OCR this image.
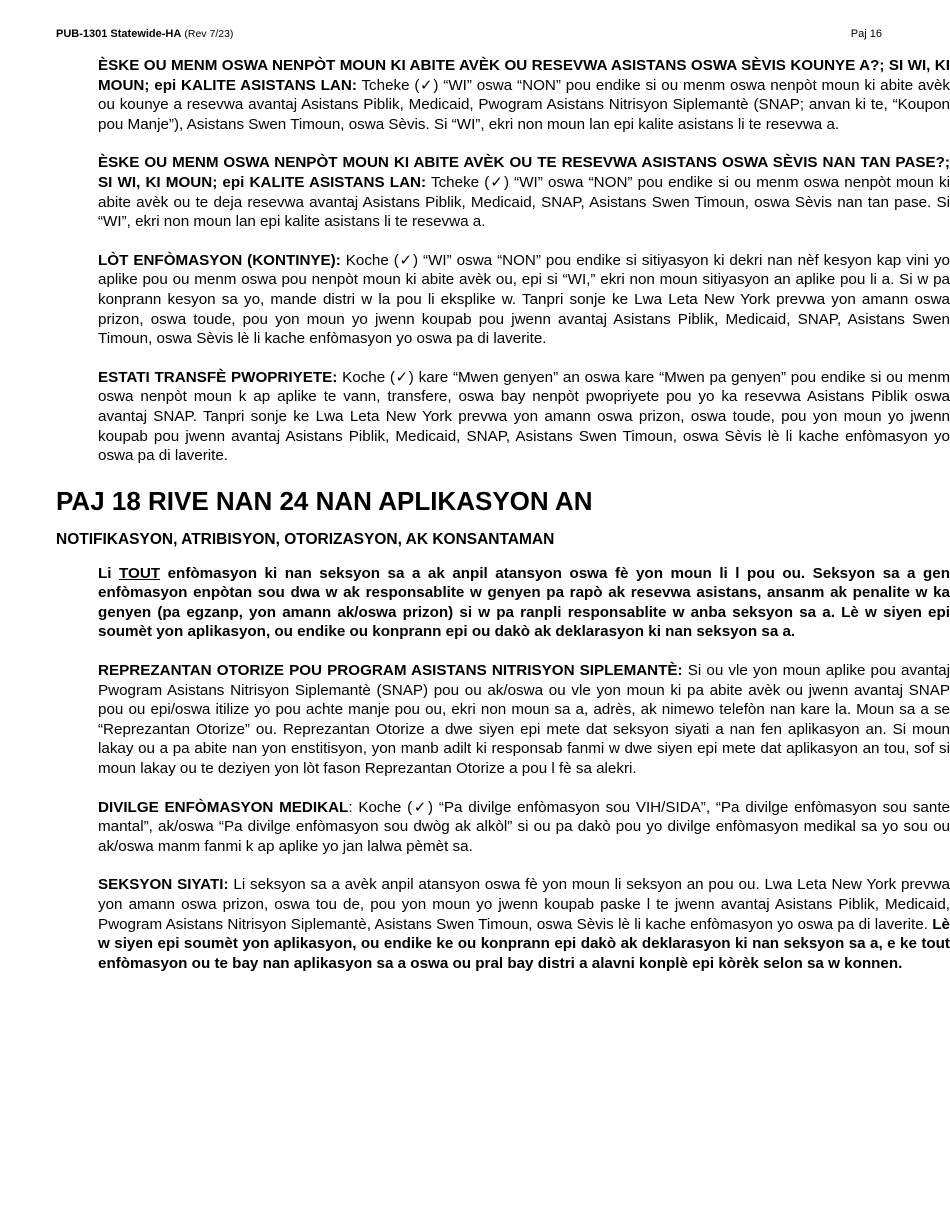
PUB-1301 Statewide-HA (Rev 7/23)	Paj 16

ÈSKE OU MENM OSWA NENPÒT MOUN KI ABITE AVÈK OU RESEVWA ASISTANS OSWA SÈVIS KOUNYE A?; SI WI, KI MOUN; epi KALITE ASISTANS LAN: Tcheke (✓) “WI” oswa “NON” pou endike si ou menm oswa nenpòt moun ki abite avèk ou kounye a resevwa avantaj Asistans Piblik, Medicaid, Pwogram Asistans Nitrisyon Siplemantè (SNAP; anvan ki te, “Koupon pou Manje”), Asistans Swen Timoun, oswa Sèvis. Si “WI”, ekri non moun lan epi kalite asistans li te resevwa a.

ÈSKE OU MENM OSWA NENPÒT MOUN KI ABITE AVÈK OU TE RESEVWA ASISTANS OSWA SÈVIS NAN TAN PASE?; SI WI, KI MOUN; epi KALITE ASISTANS LAN: Tcheke (✓) “WI” oswa “NON” pou endike si ou menm oswa nenpòt moun ki abite avèk ou te deja resevwa avantaj Asistans Piblik, Medicaid, SNAP, Asistans Swen Timoun, oswa Sèvis nan tan pase. Si “WI”, ekri non moun lan epi kalite asistans li te resevwa a.

LÒT ENFÒMASYON (KONTINYE): Koche (✓) “WI” oswa “NON” pou endike si sitiyasyon ki dekri nan nèf kesyon kap vini yo aplike pou ou menm oswa pou nenpòt moun ki abite avèk ou, epi si “WI,” ekri non moun sitiyasyon an aplike pou li a. Si w pa konprann kesyon sa yo, mande distri w la pou li eksplike w. Tanpri sonje ke Lwa Leta New York prevwa yon amann oswa prizon, oswa toude, pou yon moun yo jwenn koupab pou jwenn avantaj Asistans Piblik, Medicaid, SNAP, Asistans Swen Timoun, oswa Sèvis lè li kache enfòmasyon yo oswa pa di laverite.

ESTATI TRANSFÈ PWOPRIYETE: Koche (✓) kare “Mwen genyen” an oswa kare “Mwen pa genyen” pou endike si ou menm oswa nenpòt moun k ap aplike te vann, transfere, oswa bay nenpòt pwopriyete pou yo ka resevwa Asistans Piblik oswa avantaj SNAP. Tanpri sonje ke Lwa Leta New York prevwa yon amann oswa prizon, oswa toude, pou yon moun yo jwenn koupab pou jwenn avantaj Asistans Piblik, Medicaid, SNAP, Asistans Swen Timoun, oswa Sèvis lè li kache enfòmasyon yo oswa pa di laverite.

PAJ 18 RIVE NAN 24 NAN APLIKASYON AN
NOTIFIKASYON, ATRIBISYON, OTORIZASYON, AK KONSANTAMAN

Li TOUT enfòmasyon ki nan seksyon sa a ak anpil atansyon oswa fè yon moun li l pou ou. Seksyon sa a gen enfòmasyon enpòtan sou dwa w ak responsablite w genyen pa rapò ak resevwa asistans, ansanm ak penalite w ka genyen (pa egzanp, yon amann ak/oswa prizon) si w pa ranpli responsablite w anba seksyon sa a. Lè w siyen epi soumèt yon aplikasyon, ou endike ou konprann epi ou dakò ak deklarasyon ki nan seksyon sa a.

REPREZANTAN OTORIZE POU PROGRAM ASISTANS NITRISYON SIPLEMANTÈ: Si ou vle yon moun aplike pou avantaj Pwogram Asistans Nitrisyon Siplemantè (SNAP) pou ou ak/oswa ou vle yon moun ki pa abite avèk ou jwenn avantaj SNAP pou ou epi/oswa itilize yo pou achte manje pou ou, ekri non moun sa a, adrès, ak nimewo telefòn nan kare la. Moun sa a se “Reprezantan Otorize” ou. Reprezantan Otorize a dwe siyen epi mete dat seksyon siyati a nan fen aplikasyon an. Si moun lakay ou a pa abite nan yon enstitisyon, yon manb adilt ki responsab fanmi w dwe siyen epi mete dat aplikasyon an tou, sof si moun lakay ou te deziyen yon lòt fason Reprezantan Otorize a pou l fè sa alekri.

DIVILGE ENFÒMASYON MEDIKAL: Koche (✓) “Pa divilge enfòmasyon sou VIH/SIDA”, “Pa divilge enfòmasyon sou sante mantal”, ak/oswa “Pa divilge enfòmasyon sou dwòg ak alkòl” si ou pa dakò pou yo divilge enfòmasyon medikal sa yo sou ou ak/oswa manm fanmi k ap aplike yo jan lalwa pèmèt sa.

SEKSYON SIYATI: Li seksyon sa a avèk anpil atansyon oswa fè yon moun li seksyon an pou ou. Lwa Leta New York prevwa yon amann oswa prizon, oswa tou de, pou yon moun yo jwenn koupab paske l te jwenn avantaj Asistans Piblik, Medicaid, Pwogram Asistans Nitrisyon Siplemantè, Asistans Swen Timoun, oswa Sèvis lè li kache enfòmasyon yo oswa pa di laverite. Lè w siyen epi soumèt yon aplikasyon, ou endike ke ou konprann epi dakò ak deklarasyon ki nan seksyon sa a, e ke tout enfòmasyon ou te bay nan aplikasyon sa a oswa ou pral bay distri a alavni konplè epi kòrèk selon sa w konnen.
